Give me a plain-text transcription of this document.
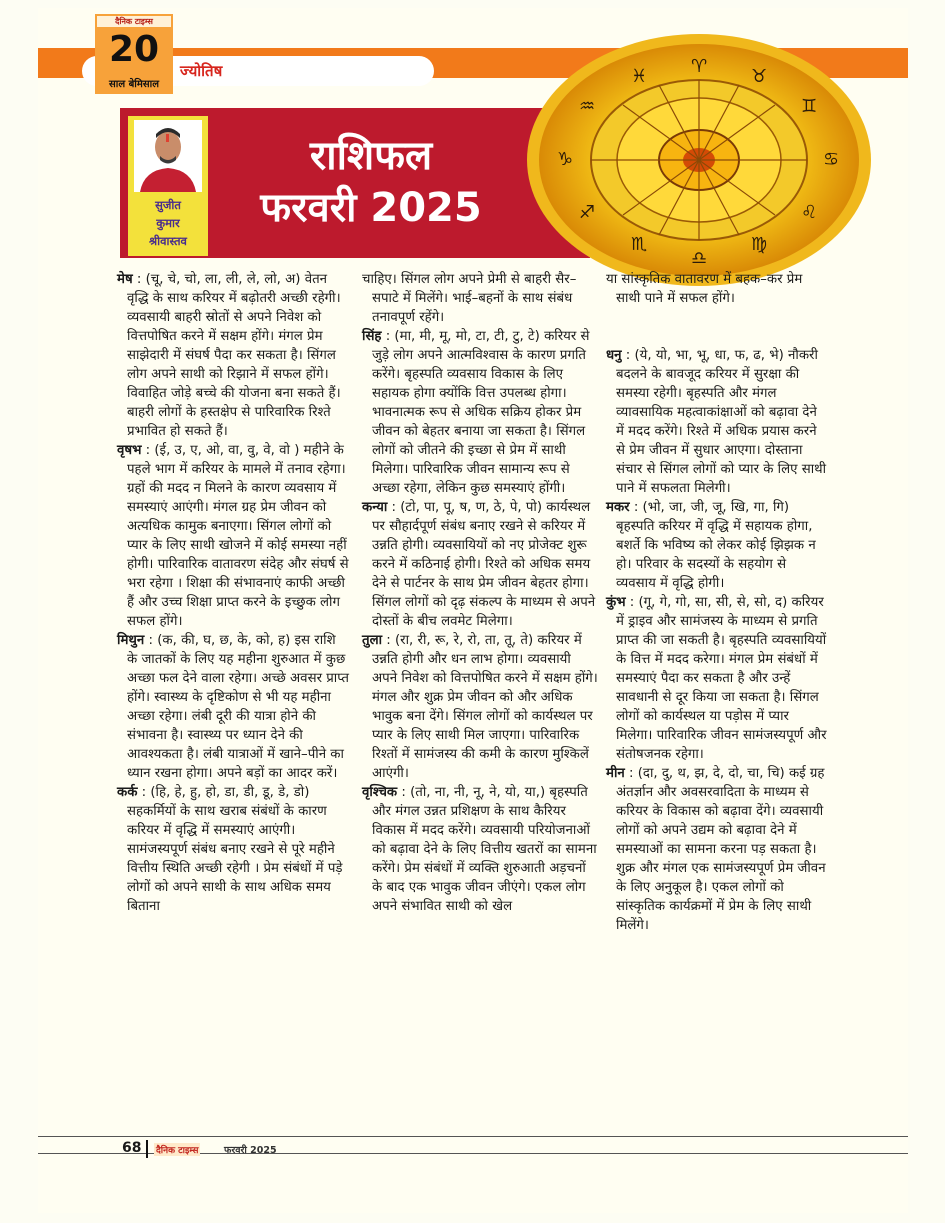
ज्योतिष
दैनिक टाइम्स
20
साल बेमिसाल
सुजीत
कुमार
श्रीवास्तव
राशिफल
फरवरी 2025
♈ ♉
♊
♋
♌
♍
♎
♏
♐
♑
♒
♓
मेष : (चू, चे, चो, ला, ली, ले, लो, अ) वेतन वृद्धि के साथ करियर में बढ़ोतरी अच्छी रहेगी। व्यवसायी बाहरी स्रोतों से अपने निवेश को वित्तपोषित करने में सक्षम होंगे। मंगल प्रेम साझेदारी में संघर्ष पैदा कर सकता है। सिंगल लोग अपने साथी को रिझाने में सफल होंगे। विवाहित जोड़े बच्चे की योजना बना सकते हैं। बाहरी लोगों के हस्तक्षेप से पारिवारिक रिश्ते प्रभावित हो सकते हैं।
वृषभ : (ई, उ, ए, ओ, वा, वु, वे, वो ) महीने के पहले भाग में करियर के मामले में तनाव रहेगा। ग्रहों की मदद न मिलने के कारण व्यवसाय में समस्याएं आएंगी। मंगल ग्रह प्रेम जीवन को अत्यधिक कामुक बनाएगा। सिंगल लोगों को प्यार के लिए साथी खोजने में कोई समस्या नहीं होगी। पारिवारिक वातावरण संदेह और संघर्ष से भरा रहेगा । शिक्षा की संभावनाएं काफी अच्छी हैं और उच्च शिक्षा प्राप्त करने के इच्छुक लोग सफल होंगे।
मिथुन : (क, की, घ, छ, के, को, ह) इस राशि के जातकों के लिए यह महीना शुरुआत में कुछ अच्छा फल देने वाला रहेगा। अच्छे अवसर प्राप्त होंगे। स्वास्थ्य के दृष्टिकोण से भी यह महीना अच्छा रहेगा। लंबी दूरी की यात्रा होने की संभावना है। स्वास्थ्य पर ध्यान देने की आवश्यकता है। लंबी यात्राओं में खाने–पीने का ध्यान रखना होगा। अपने बड़ों का आदर करें।
कर्क : (हि, हे, हु, हो, डा, डी, डू, डे, डो) सहकर्मियों के साथ खराब संबंधों के कारण करियर में वृद्धि में समस्याएं आएंगी। सामंजस्यपूर्ण संबंध बनाए रखने से पूरे महीने वित्तीय स्थिति अच्छी रहेगी । प्रेम संबंधों में पड़े लोगों को अपने साथी के साथ अधिक समय बिताना
चाहिए। सिंगल लोग अपने प्रेमी से बाहरी सैर–सपाटे में मिलेंगे। भाई–बहनों के साथ संबंध तनावपूर्ण रहेंगे।
सिंह : (मा, मी, मू, मो, टा, टी, टु, टे) करियर से जुड़े लोग अपने आत्मविश्वास के कारण प्रगति करेंगे। बृहस्पति व्यवसाय विकास के लिए सहायक होगा क्योंकि वित्त उपलब्ध होगा। भावनात्मक रूप से अधिक सक्रिय होकर प्रेम जीवन को बेहतर बनाया जा सकता है। सिंगल लोगों को जीतने की इच्छा से प्रेम में साथी मिलेगा। पारिवारिक जीवन सामान्य रूप से अच्छा रहेगा, लेकिन कुछ समस्याएं होंगी।
कन्या : (टो, पा, पू, ष, ण, ठे, पे, पो) कार्यस्थल पर सौहार्दपूर्ण संबंध बनाए रखने से करियर में उन्नति होगी। व्यवसायियों को नए प्रोजेक्ट शुरू करने में कठिनाई होगी। रिश्ते को अधिक समय देने से पार्टनर के साथ प्रेम जीवन बेहतर होगा। सिंगल लोगों को दृढ़ संकल्प के माध्यम से अपने दोस्तों के बीच लवमेट मिलेगा।
तुला : (रा, री, रू, रे, रो, ता, तू, ते) करियर में उन्नति होगी और धन लाभ होगा। व्यवसायी अपने निवेश को वित्तपोषित करने में सक्षम होंगे। मंगल और शुक्र प्रेम जीवन को और अधिक भावुक बना देंगे। सिंगल लोगों को कार्यस्थल पर प्यार के लिए साथी मिल जाएगा। पारिवारिक रिश्तों में सामंजस्य की कमी के कारण मुश्किलें आएंगी।
वृश्चिक : (तो, ना, नी, नू, ने, यो, या,) बृहस्पति और मंगल उन्नत प्रशिक्षण के साथ कैरियर विकास में मदद करेंगे। व्यवसायी परियोजनाओं को बढ़ावा देने के लिए वित्तीय खतरों का सामना करेंगे। प्रेम संबंधों में व्यक्ति शुरुआती अड़चनों के बाद एक भावुक जीवन जीएंगे। एकल लोग अपने संभावित साथी को खेल
या सांस्कृतिक वातावरण में बहक–कर प्रेम साथी पाने में सफल होंगे।
धनु : (ये, यो, भा, भू, धा, फ, ढ, भे) नौकरी बदलने के बावजूद करियर में सुरक्षा की समस्या रहेगी। बृहस्पति और मंगल व्यावसायिक महत्वाकांक्षाओं को बढ़ावा देने में मदद करेंगे। रिश्ते में अधिक प्रयास करने से प्रेम जीवन में सुधार आएगा। दोस्ताना संचार से सिंगल लोगों को प्यार के लिए साथी पाने में सफलता मिलेगी।
मकर : (भो, जा, जी, जू, खि, गा, गि) बृहस्पति करियर में वृद्धि में सहायक होगा, बशर्ते कि भविष्य को लेकर कोई झिझक न हो। परिवार के सदस्यों के सहयोग से व्यवसाय में वृद्धि होगी।
कुंभ : (गू, गे, गो, सा, सी, से, सो, द) करियर में ड्राइव और सामंजस्य के माध्यम से प्रगति प्राप्त की जा सकती है। बृहस्पति व्यवसायियों के वित्त में मदद करेगा। मंगल प्रेम संबंधों में समस्याएं पैदा कर सकता है और उन्हें सावधानी से दूर किया जा सकता है। सिंगल लोगों को कार्यस्थल या पड़ोस में प्यार मिलेगा। पारिवारिक जीवन सामंजस्यपूर्ण और संतोषजनक रहेगा।
मीन : (दा, दु, थ, झ, दे, दो, चा, चि) कई ग्रह अंतर्ज्ञान और अवसरवादिता के माध्यम से करियर के विकास को बढ़ावा देंगे। व्यवसायी लोगों को अपने उद्यम को बढ़ावा देने में समस्याओं का सामना करना पड़ सकता है। शुक्र और मंगल एक सामंजस्यपूर्ण प्रेम जीवन के लिए अनुकूल है। एकल लोगों को सांस्कृतिक कार्यक्रमों में प्रेम के लिए साथी मिलेंगे।
68 दैनिक टाइम्स	फरवरी 2025
